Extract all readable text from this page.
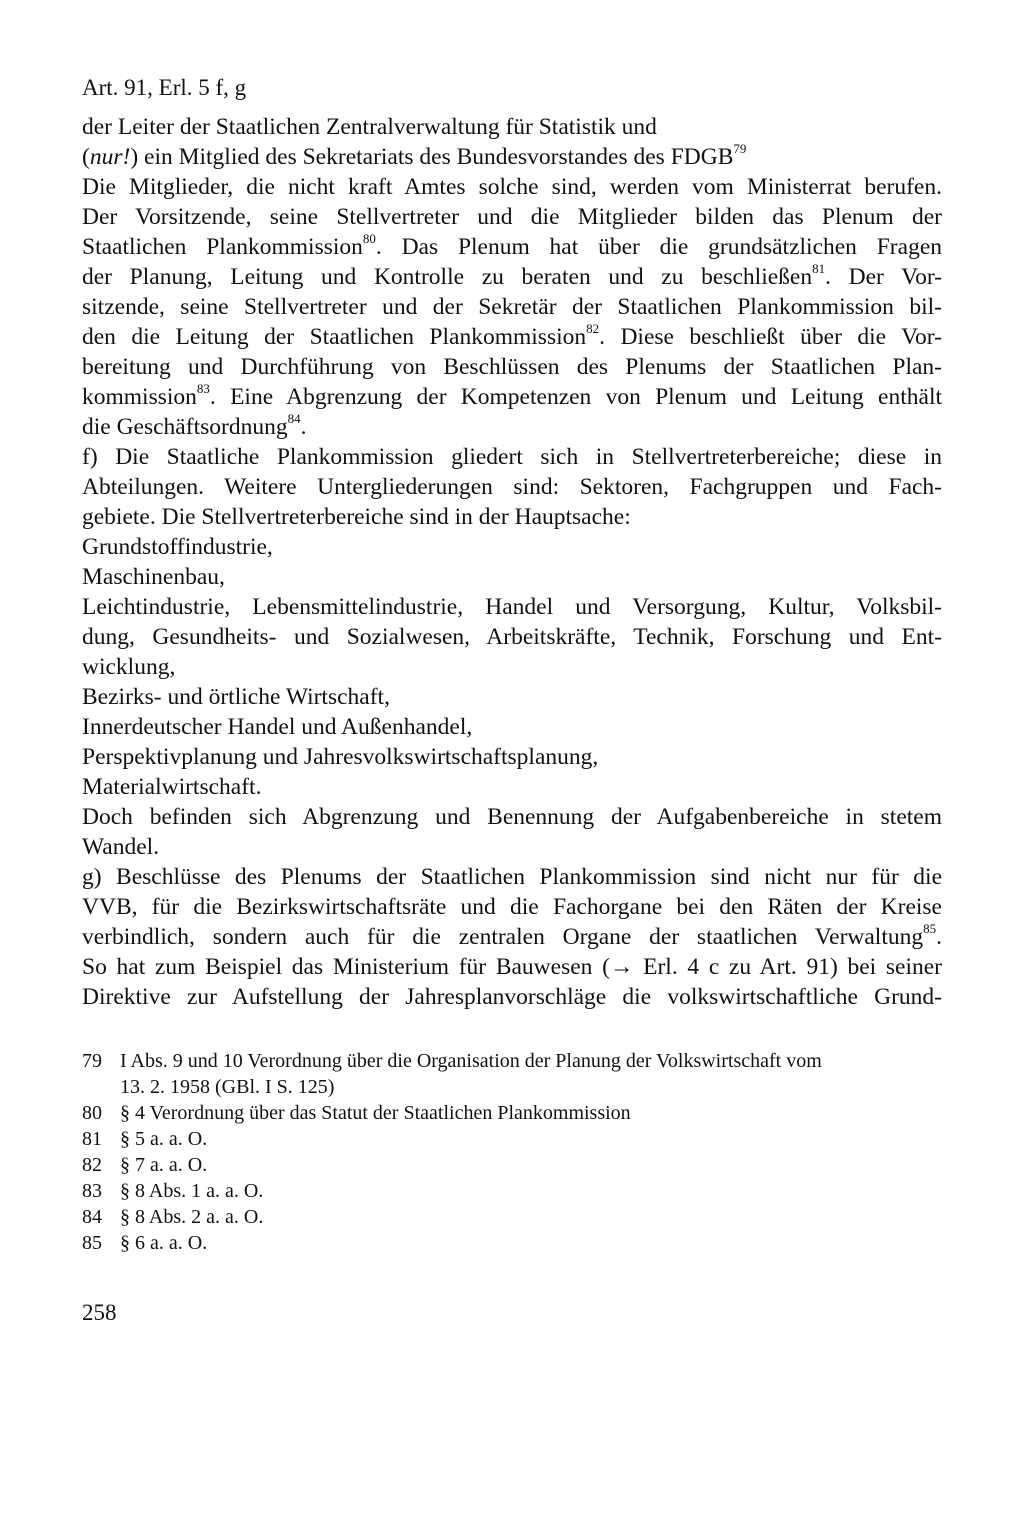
Art. 91, Erl. 5 f, g
der Leiter der Staatlichen Zentralverwaltung für Statistik und
(nur!) ein Mitglied des Sekretariats des Bundesvorstandes des FDGB$^{79}$
Die Mitglieder, die nicht kraft Amtes solche sind, werden vom Ministerrat berufen.
Der Vorsitzende, seine Stellvertreter und die Mitglieder bilden das Plenum der
Staatlichen Plankommission$^{80}$. Das Plenum hat über die grundsätzlichen Fragen
der Planung, Leitung und Kontrolle zu beraten und zu beschließen$^{81}$. Der Vor-
sitzende, seine Stellvertreter und der Sekretär der Staatlichen Plankommission bil-
den die Leitung der Staatlichen Plankommission$^{82}$. Diese beschließt über die Vor-
bereitung und Durchführung von Beschlüssen des Plenums der Staatlichen Plan-
kommission$^{83}$. Eine Abgrenzung der Kompetenzen von Plenum und Leitung enthält
die Geschäftsordnung$^{84}$.
f) Die Staatliche Plankommission gliedert sich in Stellvertreterbereiche; diese in
Abteilungen. Weitere Untergliederungen sind: Sektoren, Fachgruppen und Fach-
gebiete. Die Stellvertreterbereiche sind in der Hauptsache:
Grundstoffindustrie,
Maschinenbau,
Leichtindustrie, Lebensmittelindustrie, Handel und Versorgung, Kultur, Volksbil-
dung, Gesundheits- und Sozialwesen, Arbeitskräfte, Technik, Forschung und Ent-
wicklung,
Bezirks- und örtliche Wirtschaft,
Innerdeutscher Handel und Außenhandel,
Perspektivplanung und Jahresvolkswirtschaftsplanung,
Materialwirtschaft.
Doch befinden sich Abgrenzung und Benennung der Aufgabenbereiche in stetem
Wandel.
g) Beschlüsse des Plenums der Staatlichen Plankommission sind nicht nur für die
VVB, für die Bezirkswirtschaftsräte und die Fachorgane bei den Räten der Kreise
verbindlich, sondern auch für die zentralen Organe der staatlichen Verwaltung$^{85}$.
So hat zum Beispiel das Ministerium für Bauwesen (→ Erl. 4 c zu Art. 91) bei seiner
Direktive zur Aufstellung der Jahresplanvorschläge die volkswirtschaftliche Grund-
79 I Abs. 9 und 10 Verordnung über die Organisation der Planung der Volkswirtschaft vom
13. 2. 1958 (GBl. I S. 125)
80 § 4 Verordnung über das Statut der Staatlichen Plankommission
81 § 5 a. a. O.
82 § 7 a. a. O.
83 § 8 Abs. 1 a. a. O.
84 § 8 Abs. 2 a. a. O.
85 § 6 a. a. O.
258
